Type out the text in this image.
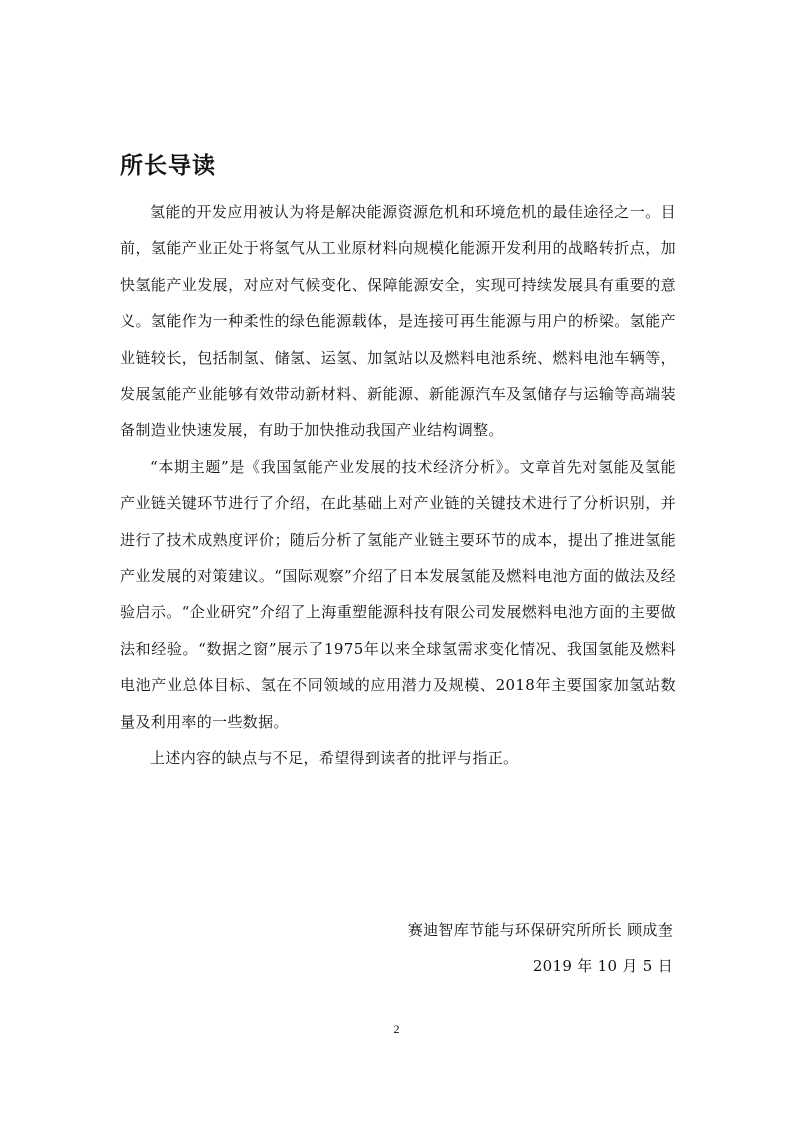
所长导读

氢能的开发应用被认为将是解决能源资源危机和环境危机的最佳途径之一。目前，氢能产业正处于将氢气从工业原材料向规模化能源开发利用的战略转折点，加快氢能产业发展，对应对气候变化、保障能源安全，实现可持续发展具有重要的意义。氢能作为一种柔性的绿色能源载体，是连接可再生能源与用户的桥梁。氢能产业链较长，包括制氢、储氢、运氢、加氢站以及燃料电池系统、燃料电池车辆等，发展氢能产业能够有效带动新材料、新能源、新能源汽车及氢储存与运输等高端装备制造业快速发展，有助于加快推动我国产业结构调整。

“本期主题”是《我国氢能产业发展的技术经济分析》。文章首先对氢能及氢能产业链关键环节进行了介绍，在此基础上对产业链的关键技术进行了分析识别，并进行了技术成熟度评价；随后分析了氢能产业链主要环节的成本，提出了推进氢能产业发展的对策建议。“国际观察”介绍了日本发展氢能及燃料电池方面的做法及经验启示。“企业研究”介绍了上海重塑能源科技有限公司发展燃料电池方面的主要做法和经验。“数据之窗”展示了1975年以来全球氢需求变化情况、我国氢能及燃料电池产业总体目标、氢在不同领域的应用潜力及规模、2018年主要国家加氢站数量及利用率的一些数据。

上述内容的缺点与不足，希望得到读者的批评与指正。

赛迪智库节能与环保研究所所长 顾成奎
2019 年 10 月 5 日
2
